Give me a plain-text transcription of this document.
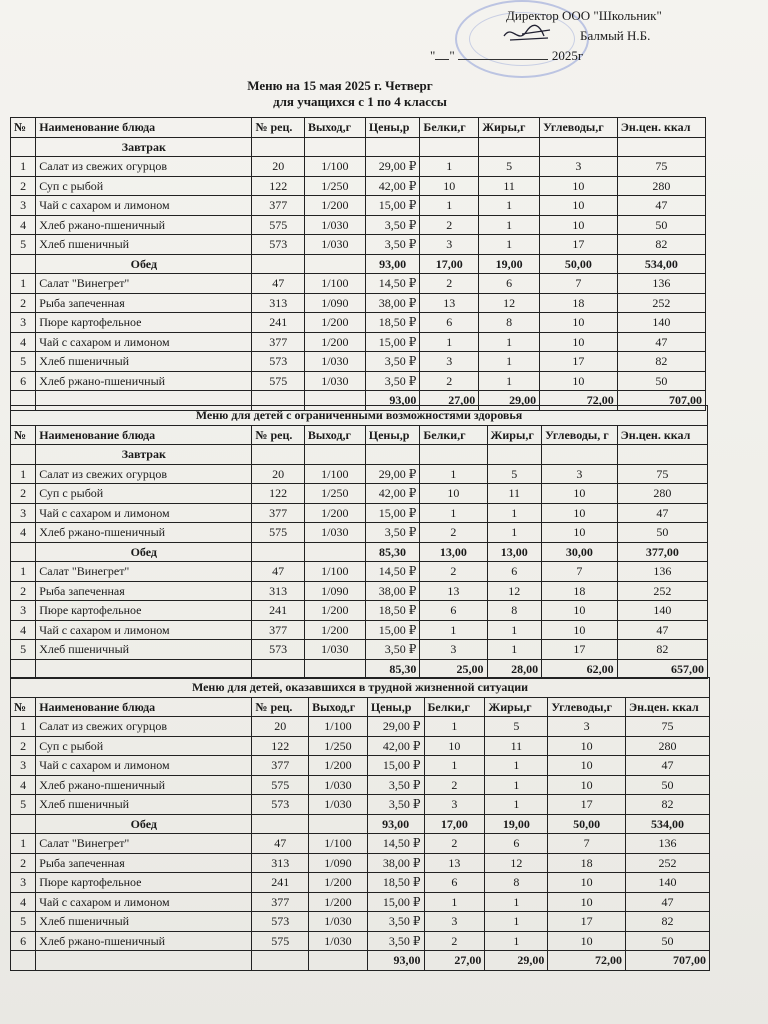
Директор ООО "Школьник"
Балмый Н.Б.
" "	2025г
Меню на 15 мая 2025 г. Четверг
для учащихся с 1 по 4 классы
№	Наименование блюда	№ рец.	Выход,г	Цены,р	Белки,г	Жиры,г	Углеводы,г	Эн.цен. ккал
	Завтрак							
1	Салат из свежих огурцов	20	1/100	29,00 ₽	1	5	3	75
2	Суп с рыбой	122	1/250	42,00 ₽	10	11	10	280
3	Чай с сахаром и лимоном	377	1/200	15,00 ₽	1	1	10	47
4	Хлеб ржано-пшеничный	575	1/030	3,50 ₽	2	1	10	50
5	Хлеб пшеничный	573	1/030	3,50 ₽	3	1	17	82
	Обед			93,00	17,00	19,00	50,00	534,00
1	Салат "Винегрет"	47	1/100	14,50 ₽	2	6	7	136
2	Рыба запеченная	313	1/090	38,00 ₽	13	12	18	252
3	Пюре картофельное	241	1/200	18,50 ₽	6	8	10	140
4	Чай с сахаром и лимоном	377	1/200	15,00 ₽	1	1	10	47
5	Хлеб пшеничный	573	1/030	3,50 ₽	3	1	17	82
6	Хлеб ржано-пшеничный	575	1/030	3,50 ₽	2	1	10	50
				93,00	27,00	29,00	72,00	707,00
Меню для детей с ограниченными возможностями здоровья								
№	Наименование блюда	№ рец.	Выход,г	Цены,р	Белки,г	Жиры,г	Углеводы, г	Эн.цен. ккал
	Завтрак							
1	Салат из свежих огурцов	20	1/100	29,00 ₽	1	5	3	75
2	Суп с рыбой	122	1/250	42,00 ₽	10	11	10	280
3	Чай с сахаром и лимоном	377	1/200	15,00 ₽	1	1	10	47
4	Хлеб ржано-пшеничный	575	1/030	3,50 ₽	2	1	10	50
	Обед			85,30	13,00	13,00	30,00	377,00
1	Салат "Винегрет"	47	1/100	14,50 ₽	2	6	7	136
2	Рыба запеченная	313	1/090	38,00 ₽	13	12	18	252
3	Пюре картофельное	241	1/200	18,50 ₽	6	8	10	140
4	Чай с сахаром и лимоном	377	1/200	15,00 ₽	1	1	10	47
5	Хлеб пшеничный	573	1/030	3,50 ₽	3	1	17	82
				85,30	25,00	28,00	62,00	657,00
Меню для детей, оказавшихся в трудной жизненной ситуации								
№	Наименование блюда	№ рец.	Выход,г	Цены,р	Белки,г	Жиры,г	Углеводы,г	Эн.цен. ккал
1	Салат из свежих огурцов	20	1/100	29,00 ₽	1	5	3	75
2	Суп с рыбой	122	1/250	42,00 ₽	10	11	10	280
3	Чай с сахаром и лимоном	377	1/200	15,00 ₽	1	1	10	47
4	Хлеб ржано-пшеничный	575	1/030	3,50 ₽	2	1	10	50
5	Хлеб пшеничный	573	1/030	3,50 ₽	3	1	17	82
	Обед			93,00	17,00	19,00	50,00	534,00
1	Салат "Винегрет"	47	1/100	14,50 ₽	2	6	7	136
2	Рыба запеченная	313	1/090	38,00 ₽	13	12	18	252
3	Пюре картофельное	241	1/200	18,50 ₽	6	8	10	140
4	Чай с сахаром и лимоном	377	1/200	15,00 ₽	1	1	10	47
5	Хлеб пшеничный	573	1/030	3,50 ₽	3	1	17	82
6	Хлеб ржано-пшеничный	575	1/030	3,50 ₽	2	1	10	50
				93,00	27,00	29,00	72,00	707,00
